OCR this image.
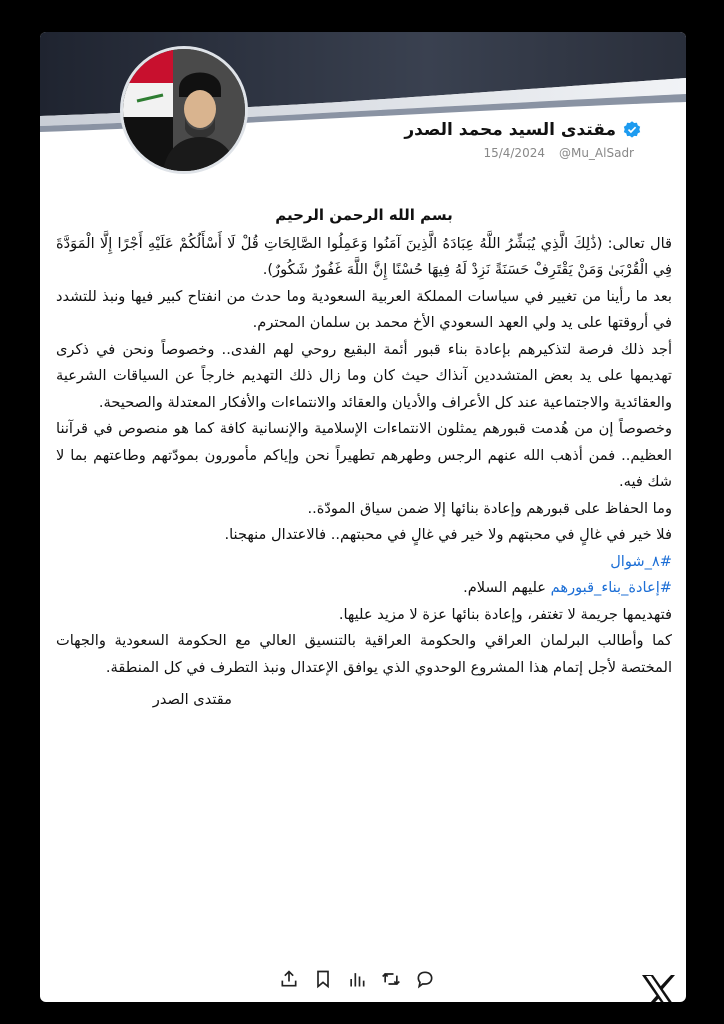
مقتدى السيد محمد الصدر
15/4/2024 @Mu_AlSadr

بسم الله الرحمن الرحيم

قال تعالى: (ذَٰلِكَ الَّذِي يُبَشِّرُ اللَّهُ عِبَادَهُ الَّذِينَ آمَنُوا وَعَمِلُوا الصَّالِحَاتِ قُلْ لَا أَسْأَلُكُمْ عَلَيْهِ أَجْرًا إِلَّا الْمَوَدَّةَ فِي الْقُرْبَىٰ وَمَنْ يَقْتَرِفْ حَسَنَةً نَزِدْ لَهُ فِيهَا حُسْنًا إِنَّ اللَّهَ غَفُورٌ شَكُورٌ).

بعد ما رأينا من تغيير في سياسات المملكة العربية السعودية وما حدث من انفتاح كبير فيها ونبذ للتشدد في أروقتها على يد ولي العهد السعودي الأخ محمد بن سلمان المحترم.

أجد ذلك فرصة لتذكيرهم بإعادة بناء قبور أئمة البقيع روحي لهم الفدى.. وخصوصاً ونحن في ذكرى تهديمها على يد بعض المتشددين آنذاك حيث كان وما زال ذلك التهديم خارجاً عن السياقات الشرعية والعقائدية والاجتماعية عند كل الأعراف والأديان والعقائد والانتماءات والأفكار المعتدلة والصحيحة.

وخصوصاً إن من هُدمت قبورهم يمثلون الانتماءات الإسلامية والإنسانية كافة كما هو منصوص في قرآننا العظيم.. فمن أذهب الله عنهم الرجس وطهرهم تطهيراً نحن وإياكم مأمورون بمودّتهم وطاعتهم بما لا شك فيه.

وما الحفاظ على قبورهم وإعادة بنائها إلا ضمن سياق المودّة..

فلا خير في غالٍ في محبتهم ولا خير في غالٍ في محبتهم.. فالاعتدال منهجنا.

#٨_شوال

#إعادة_بناء_قبورهم عليهم السلام.

فتهديمها جريمة لا تغتفر، وإعادة بنائها عزة لا مزيد عليها.

كما وأطالب البرلمان العراقي والحكومة العراقية بالتنسيق العالي مع الحكومة السعودية والجهات المختصة لأجل إتمام هذا المشروع الوحدوي الذي يوافق الإعتدال ونبذ التطرف في كل المنطقة.

مقتدى الصدر
